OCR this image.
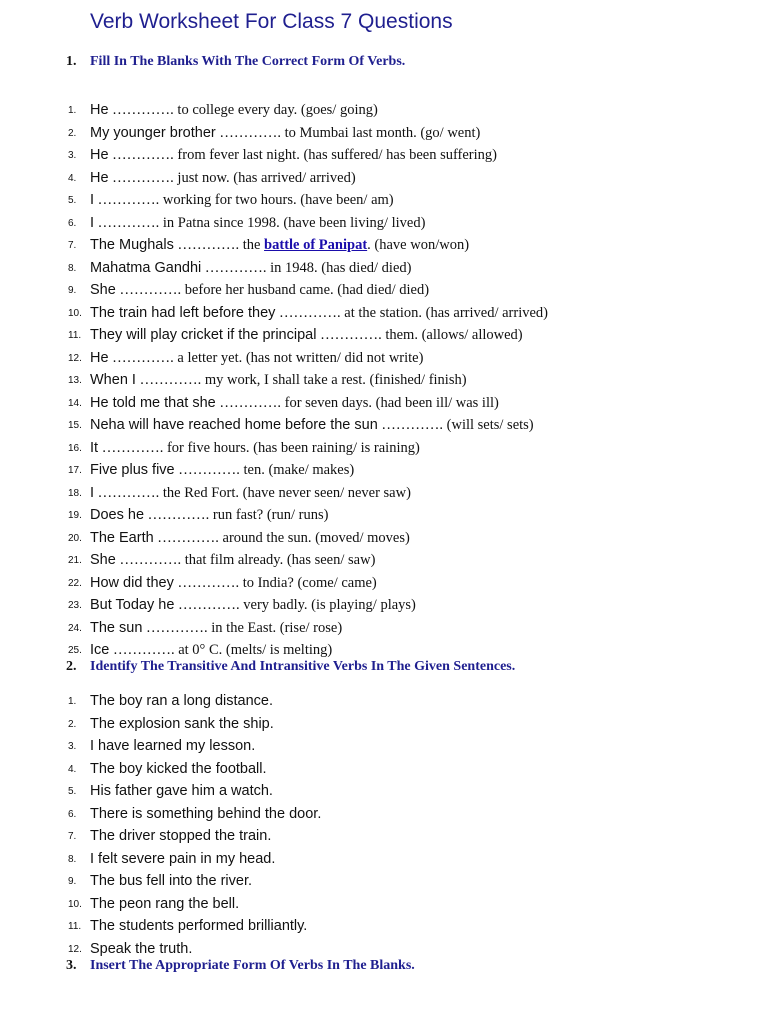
Verb Worksheet For Class 7 Questions
1. Fill In The Blanks With The Correct Form Of Verbs.
1. He …………. to college every day. (goes/ going)
2. My younger brother …………. to Mumbai last month. (go/ went)
3. He …………. from fever last night. (has suffered/ has been suffering)
4. He …………. just now. (has arrived/ arrived)
5. I …………. working for two hours. (have been/ am)
6. I …………. in Patna since 1998. (have been living/ lived)
7. The Mughals …………. the battle of Panipat. (have won/won)
8. Mahatma Gandhi …………. in 1948. (has died/ died)
9. She …………. before her husband came. (had died/ died)
10. The train had left before they …………. at the station. (has arrived/ arrived)
11. They will play cricket if the principal …………. them. (allows/ allowed)
12. He …………. a letter yet. (has not written/ did not write)
13. When I …………. my work, I shall take a rest. (finished/ finish)
14. He told me that she …………. for seven days. (had been ill/ was ill)
15. Neha will have reached home before the sun …………. (will sets/ sets)
16. It …………. for five hours. (has been raining/ is raining)
17. Five plus five …………. ten. (make/ makes)
18. I …………. the Red Fort. (have never seen/ never saw)
19. Does he …………. run fast? (run/ runs)
20. The Earth …………. around the sun. (moved/ moves)
21. She …………. that film already. (has seen/ saw)
22. How did they …………. to India? (come/ came)
23. But Today he …………. very badly. (is playing/ plays)
24. The sun …………. in the East. (rise/ rose)
25. Ice …………. at 0° C. (melts/ is melting)
2. Identify The Transitive And Intransitive Verbs In The Given Sentences.
1. The boy ran a long distance.
2. The explosion sank the ship.
3. I have learned my lesson.
4. The boy kicked the football.
5. His father gave him a watch.
6. There is something behind the door.
7. The driver stopped the train.
8. I felt severe pain in my head.
9. The bus fell into the river.
10. The peon rang the bell.
11. The students performed brilliantly.
12. Speak the truth.
3. Insert The Appropriate Form Of Verbs In The Blanks.
